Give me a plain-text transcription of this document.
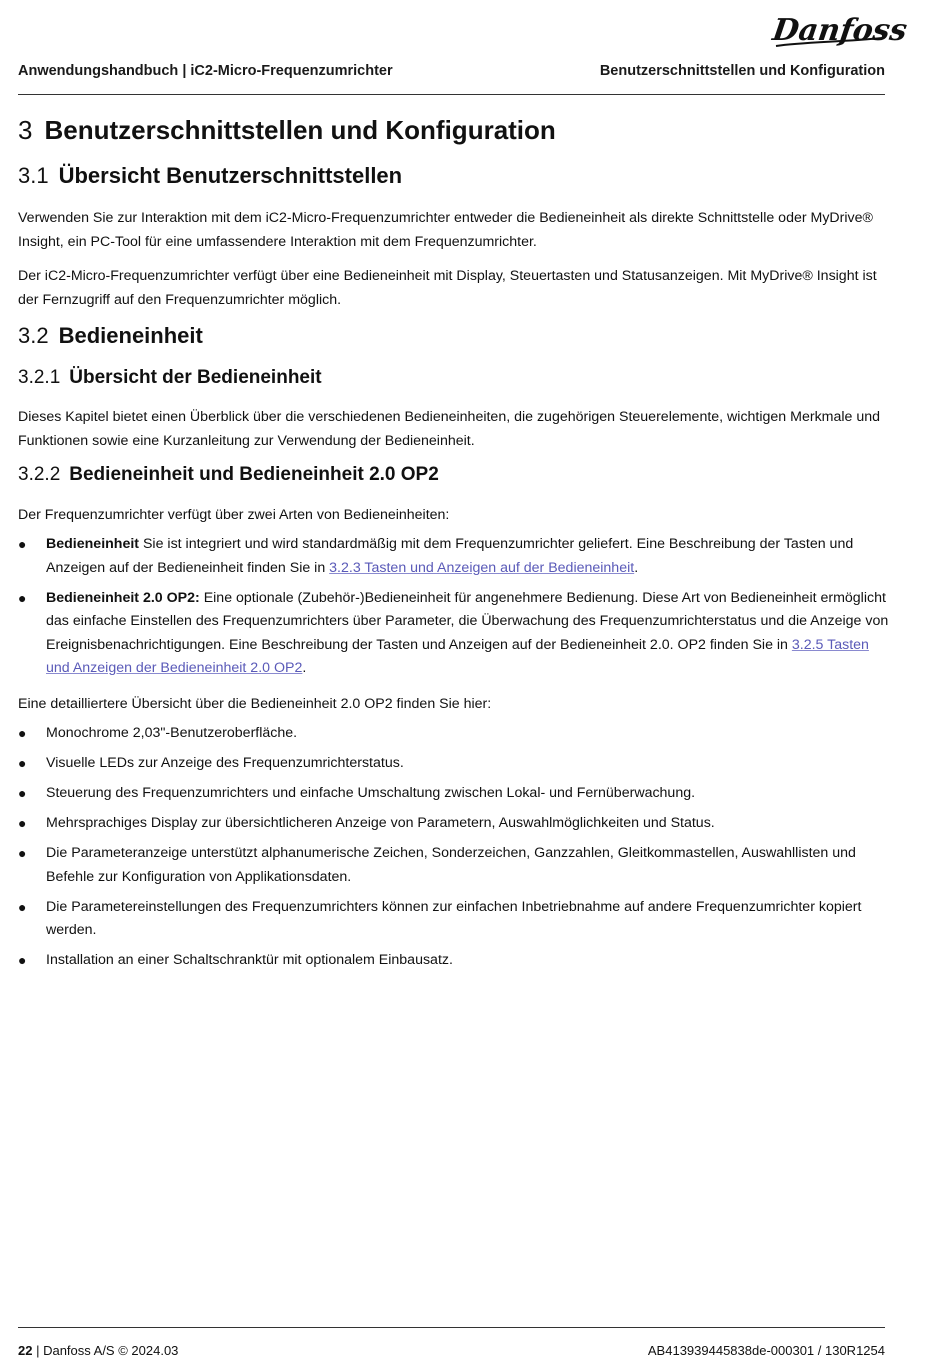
Danfoss
Anwendungshandbuch | iC2-Micro-Frequenzumrichter	Benutzerschnittstellen und Konfiguration
3 Benutzerschnittstellen und Konfiguration
3.1 Übersicht Benutzerschnittstellen
Verwenden Sie zur Interaktion mit dem iC2-Micro-Frequenzumrichter entweder die Bedieneinheit als direkte Schnittstelle oder MyDrive® Insight, ein PC-Tool für eine umfassendere Interaktion mit dem Frequenzumrichter.
Der iC2-Micro-Frequenzumrichter verfügt über eine Bedieneinheit mit Display, Steuertasten und Statusanzeigen. Mit MyDrive® Insight ist der Fernzugriff auf den Frequenzumrichter möglich.
3.2 Bedieneinheit
3.2.1 Übersicht der Bedieneinheit
Dieses Kapitel bietet einen Überblick über die verschiedenen Bedieneinheiten, die zugehörigen Steuerelemente, wichtigen Merkmale und Funktionen sowie eine Kurzanleitung zur Verwendung der Bedieneinheit.
3.2.2 Bedieneinheit und Bedieneinheit 2.0 OP2
Der Frequenzumrichter verfügt über zwei Arten von Bedieneinheiten:
● Bedieneinheit Sie ist integriert und wird standardmäßig mit dem Frequenzumrichter geliefert. Eine Beschreibung der Tasten und Anzeigen auf der Bedieneinheit finden Sie in 3.2.3 Tasten und Anzeigen auf der Bedieneinheit.
● Bedieneinheit 2.0 OP2: Eine optionale (Zubehör-)Bedieneinheit für angenehmere Bedienung. Diese Art von Bedieneinheit ermöglicht das einfache Einstellen des Frequenzumrichters über Parameter, die Überwachung des Frequenzumrichterstatus und die Anzeige von Ereignisbenachrichtigungen. Eine Beschreibung der Tasten und Anzeigen auf der Bedieneinheit 2.0. OP2 finden Sie in 3.2.5 Tasten und Anzeigen der Bedieneinheit 2.0 OP2.
Eine detailliertere Übersicht über die Bedieneinheit 2.0 OP2 finden Sie hier:
● Monochrome 2,03"-Benutzeroberfläche.
● Visuelle LEDs zur Anzeige des Frequenzumrichterstatus.
● Steuerung des Frequenzumrichters und einfache Umschaltung zwischen Lokal- und Fernüberwachung.
● Mehrsprachiges Display zur übersichtlicheren Anzeige von Parametern, Auswahlmöglichkeiten und Status.
● Die Parameteranzeige unterstützt alphanumerische Zeichen, Sonderzeichen, Ganzzahlen, Gleitkommastellen, Auswahllisten und Befehle zur Konfiguration von Applikationsdaten.
● Die Parametereinstellungen des Frequenzumrichters können zur einfachen Inbetriebnahme auf andere Frequenzumrichter kopiert werden.
● Installation an einer Schaltschranktür mit optionalem Einbausatz.
22 | Danfoss A/S © 2024.03	AB413939445838de-000301 / 130R1254
